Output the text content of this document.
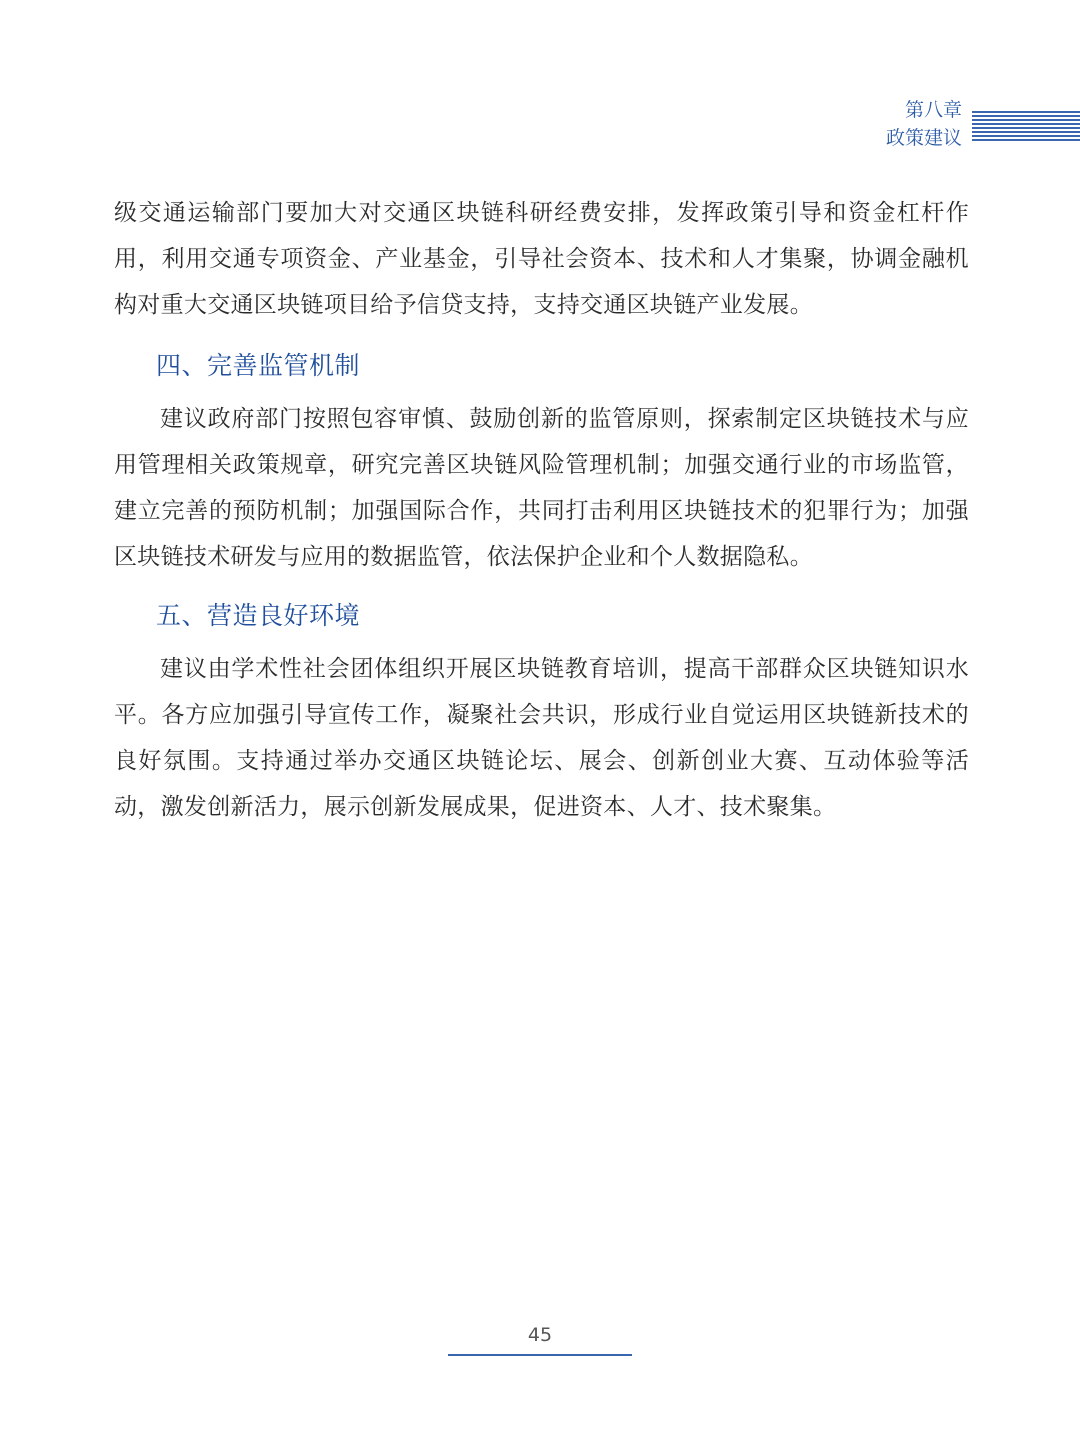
第八章
政策建议

级交通运输部门要加大对交通区块链科研经费安排，发挥政策引导和资金杠杆作用，利用交通专项资金、产业基金，引导社会资本、技术和人才集聚，协调金融机构对重大交通区块链项目给予信贷支持，支持交通区块链产业发展。

四、完善监管机制

建议政府部门按照包容审慎、鼓励创新的监管原则，探索制定区块链技术与应用管理相关政策规章，研究完善区块链风险管理机制；加强交通行业的市场监管，建立完善的预防机制；加强国际合作，共同打击利用区块链技术的犯罪行为；加强区块链技术研发与应用的数据监管，依法保护企业和个人数据隐私。

五、营造良好环境

建议由学术性社会团体组织开展区块链教育培训，提高干部群众区块链知识水平。各方应加强引导宣传工作，凝聚社会共识，形成行业自觉运用区块链新技术的良好氛围。支持通过举办交通区块链论坛、展会、创新创业大赛、互动体验等活动，激发创新活力，展示创新发展成果，促进资本、人才、技术聚集。

45
